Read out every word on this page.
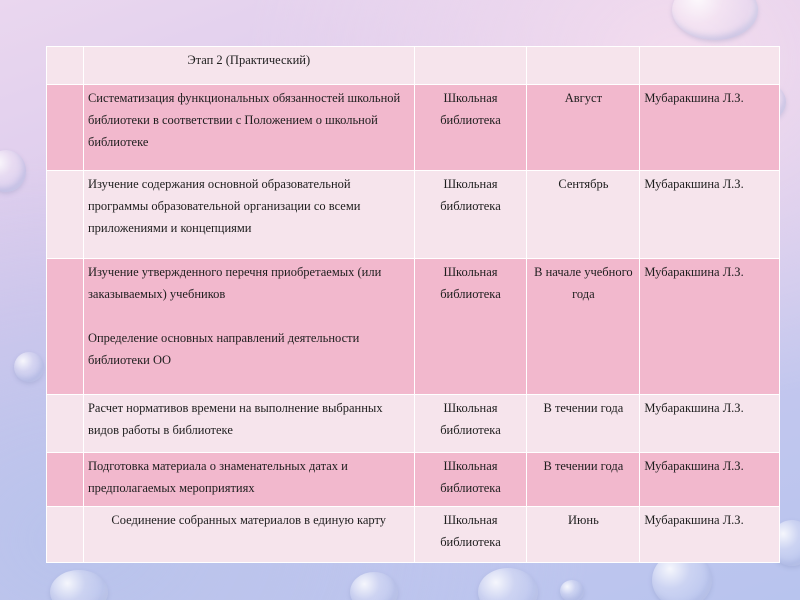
	Этап 2 (Практический)			

	Систематизация функциональных обязанностей школьной библиотеки в соответствии с Положением о школьной библиотеке	Школьная библиотека	Август	Мубаракшина Л.З.

	Изучение содержания основной образовательной программы образовательной организации со всеми приложениями и концепциями	Школьная библиотека	Сентябрь	Мубаракшина Л.З.

	Изучение утвержденного перечня приобретаемых (или заказываемых) учебников
Определение основных направлений деятельности библиотеки ОО	Школьная библиотека	В начале учебного года	Мубаракшина Л.З.

	Расчет нормативов времени на выполнение выбранных видов работы в библиотеке	Школьная библиотека	В течении года	Мубаракшина Л.З.

	Подготовка материала о знаменательных датах и предполагаемых мероприятиях	Школьная библиотека	В течении года	Мубаракшина Л.З.

	Соединение собранных материалов в единую карту	Школьная библиотека	Июнь	Мубаракшина Л.З.
